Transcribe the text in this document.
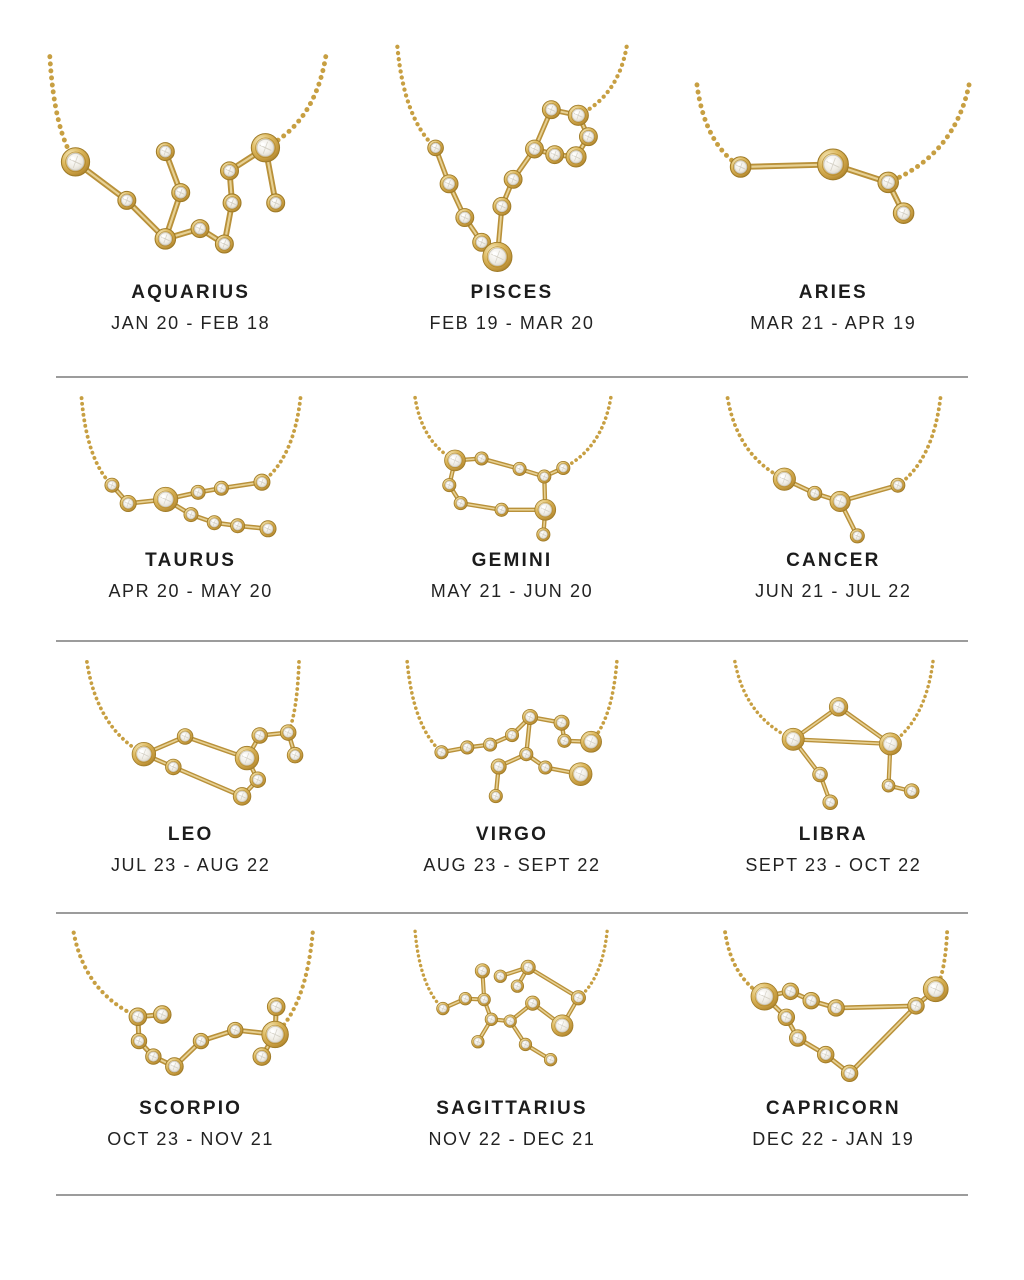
AQUARIUS
JAN 20 - FEB 18
PISCES
FEB 19 - MAR 20
ARIES
MAR 21 - APR 19
TAURUS
APR 20 - MAY 20
GEMINI
MAY 21 - JUN 20
CANCER
JUN 21 - JUL 22
LEO
JUL 23 - AUG 22
VIRGO
AUG 23 - SEPT 22
LIBRA
SEPT 23 - OCT 22
SCORPIO
OCT 23 - NOV 21
SAGITTARIUS
NOV 22 - DEC 21
CAPRICORN
DEC 22 - JAN 19
